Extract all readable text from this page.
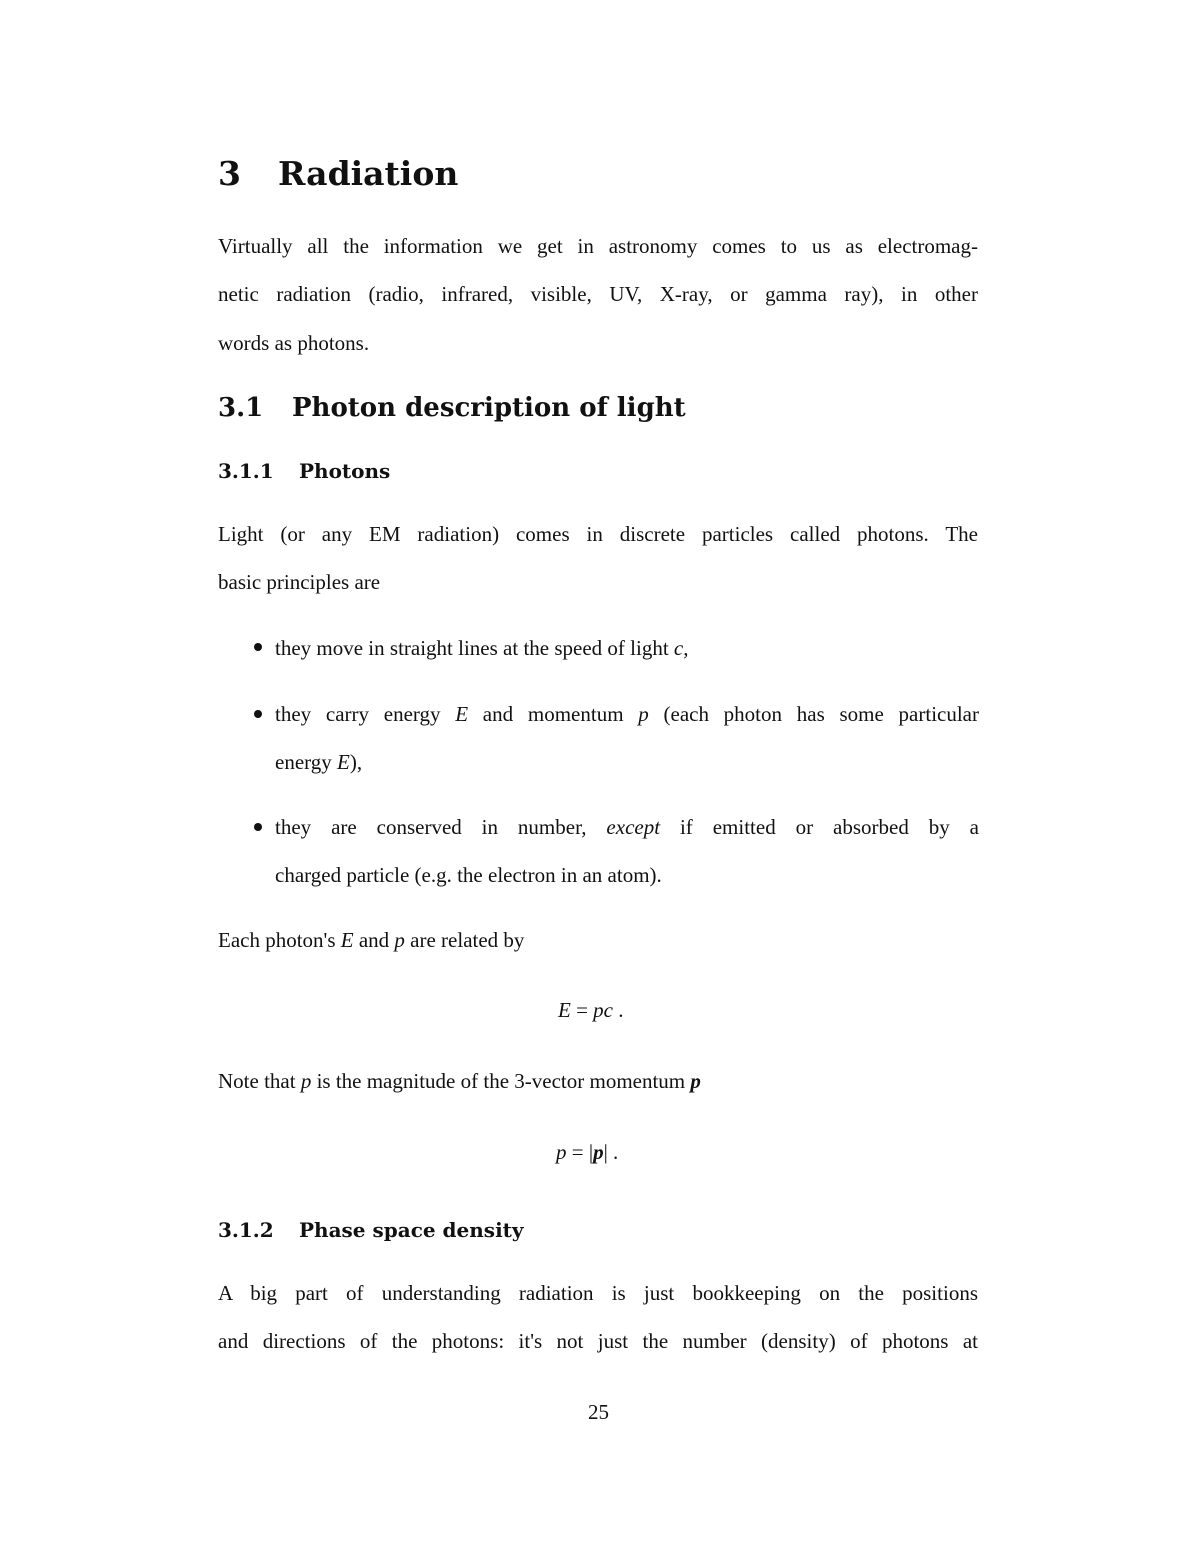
3 Radiation
Virtually all the information we get in astronomy comes to us as electromag-
netic radiation (radio, infrared, visible, UV, X-ray, or gamma ray), in other
words as photons.
3.1 Photon description of light
3.1.1 Photons
Light (or any EM radiation) comes in discrete particles called photons. The
basic principles are
they move in straight lines at the speed of light c,
they carry energy E and momentum p (each photon has some particular
energy E),
they are conserved in number, except if emitted or absorbed by a
charged particle (e.g. the electron in an atom).
Each photon's E and p are related by
E = pc .
Note that p is the magnitude of the 3-vector momentum p
p = |p| .
3.1.2 Phase space density
A big part of understanding radiation is just bookkeeping on the positions
and directions of the photons: it's not just the number (density) of photons at
25
